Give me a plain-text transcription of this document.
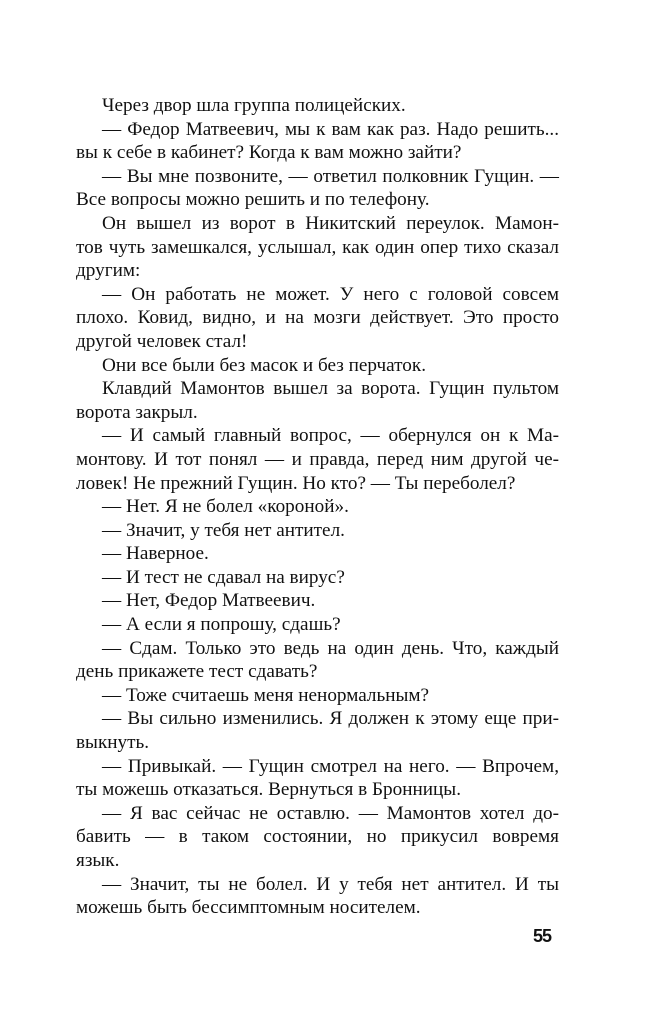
Через двор шла группа полицейских.
— Федор Матвеевич, мы к вам как раз. Надо решить...
вы к себе в кабинет? Когда к вам можно зайти?
— Вы мне позвоните, — ответил полковник Гущин. —
Все вопросы можно решить и по телефону.
Он вышел из ворот в Никитский переулок. Мамон-
тов чуть замешкался, услышал, как один опер тихо сказал
другим:
— Он работать не может. У него с головой совсем
плохо. Ковид, видно, и на мозги действует. Это просто
другой человек стал!
Они все были без масок и без перчаток.
Клавдий Мамонтов вышел за ворота. Гущин пультом
ворота закрыл.
— И самый главный вопрос, — обернулся он к Ма-
монтову. И тот понял — и правда, перед ним другой че-
ловек! Не прежний Гущин. Но кто? — Ты переболел?
— Нет. Я не болел «короной».
— Значит, у тебя нет антител.
— Наверное.
— И тест не сдавал на вирус?
— Нет, Федор Матвеевич.
— А если я попрошу, сдашь?
— Сдам. Только это ведь на один день. Что, каждый
день прикажете тест сдавать?
— Тоже считаешь меня ненормальным?
— Вы сильно изменились. Я должен к этому еще при-
выкнуть.
— Привыкай. — Гущин смотрел на него. — Впрочем,
ты можешь отказаться. Вернуться в Бронницы.
— Я вас сейчас не оставлю. — Мамонтов хотел до-
бавить — в таком состоянии, но прикусил вовремя
язык.
— Значит, ты не болел. И у тебя нет антител. И ты
можешь быть бессимптомным носителем.
55
